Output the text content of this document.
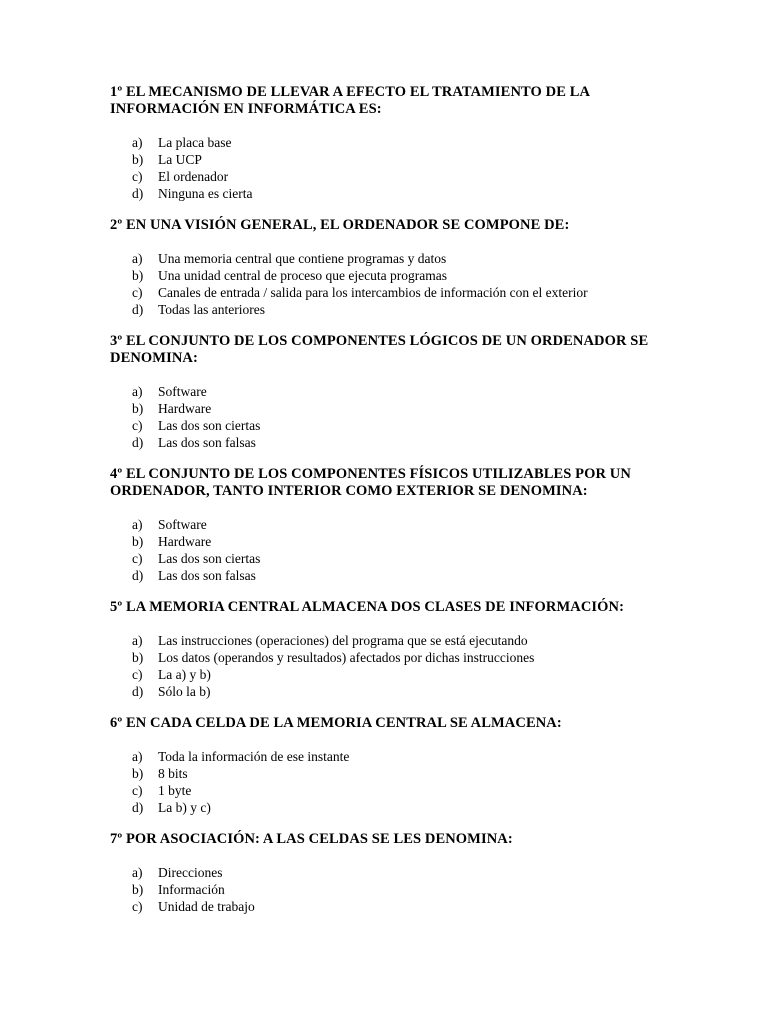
1º EL MECANISMO DE LLEVAR A EFECTO EL TRATAMIENTO DE LA INFORMACIÓN EN INFORMÁTICA ES:

a)	La placa base
b)	La UCP
c)	El ordenador
d)	Ninguna es cierta

2º EN UNA VISIÓN GENERAL, EL ORDENADOR SE COMPONE DE:

a)	Una memoria central que contiene programas y datos
b)	Una unidad central de proceso que ejecuta programas
c)	Canales de entrada / salida para los intercambios de información con el exterior
d)	Todas las anteriores

3º EL CONJUNTO DE LOS COMPONENTES LÓGICOS DE UN ORDENADOR SE DENOMINA:

a)	Software
b)	Hardware
c)	Las dos son ciertas
d)	Las dos son falsas

4º EL CONJUNTO DE LOS COMPONENTES FÍSICOS UTILIZABLES POR UN ORDENADOR, TANTO INTERIOR COMO EXTERIOR SE DENOMINA:

a)	Software
b)	Hardware
c)	Las dos son ciertas
d)	Las dos son falsas

5º LA MEMORIA CENTRAL ALMACENA DOS CLASES DE INFORMACIÓN:

a)	Las instrucciones (operaciones) del programa que se está ejecutando
b)	Los datos (operandos y resultados) afectados por dichas instrucciones
c)	La a) y b)
d)	Sólo la b)

6º EN CADA CELDA DE LA MEMORIA CENTRAL SE ALMACENA:

a)	Toda la información de ese instante
b)	8 bits
c)	1 byte
d)	La b) y c)

7º POR ASOCIACIÓN: A LAS CELDAS SE LES DENOMINA:

a)	Direcciones
b)	Información
c)	Unidad de trabajo
